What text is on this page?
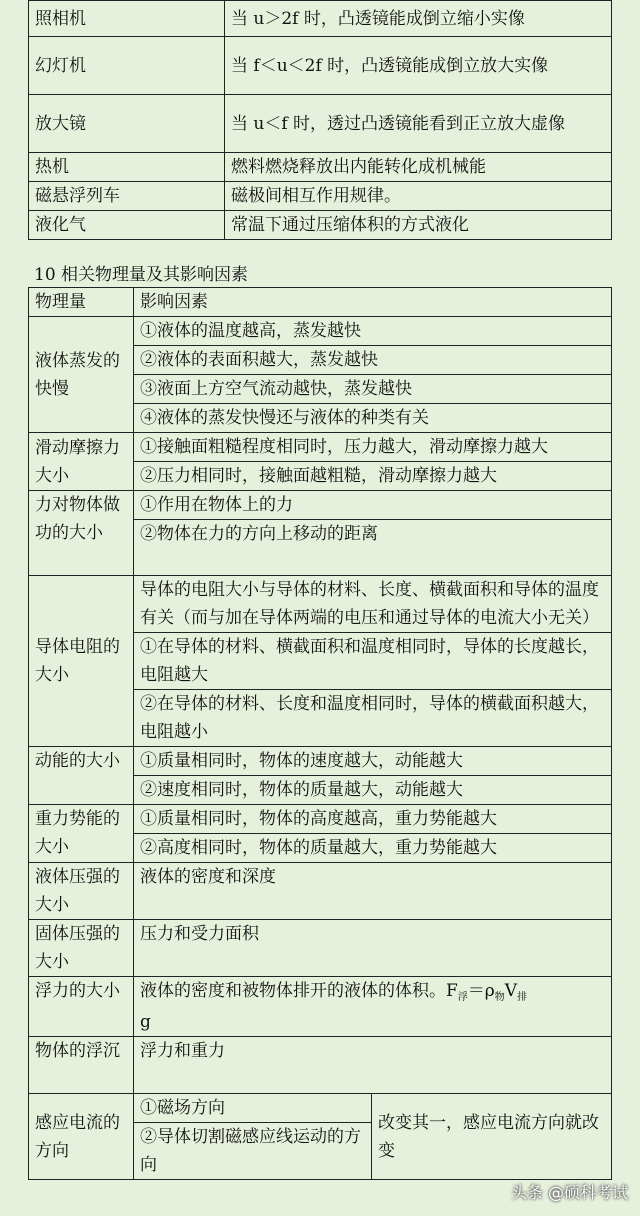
照相机	当 u＞2f 时，凸透镜能成倒立缩小实像
幻灯机	当 f＜u＜2f 时，凸透镜能成倒立放大实像
放大镜	当 u＜f 时，透过凸透镜能看到正立放大虚像
热机	燃料燃烧释放出内能转化成机械能
磁悬浮列车	磁极间相互作用规律。
液化气	常温下通过压缩体积的方式液化
10 相关物理量及其影响因素
物理量	影响因素	
液体蒸发的快慢	①液体的温度越高，蒸发越快	
	②液体的表面积越大，蒸发越快	
	③液面上方空气流动越快，蒸发越快	
	④液体的蒸发快慢还与液体的种类有关	
滑动摩擦力大小	①接触面粗糙程度相同时，压力越大，滑动摩擦力越大	
	②压力相同时，接触面越粗糙，滑动摩擦力越大	
力对物体做功的大小	①作用在物体上的力	
	②物体在力的方向上移动的距离	
导体电阻的大小	导体的电阻大小与导体的材料、长度、横截面积和导体的温度有关（而与加在导体两端的电压和通过导体的电流大小无关）	
	①在导体的材料、横截面积和温度相同时，导体的长度越长，电阻越大	
	②在导体的材料、长度和温度相同时，导体的横截面积越大，电阻越小	
动能的大小	①质量相同时，物体的速度越大，动能越大	
	②速度相同时，物体的质量越大，动能越大	
重力势能的大小	①质量相同时，物体的高度越高，重力势能越大	
	②高度相同时，物体的质量越大，重力势能越大	
液体压强的大小	液体的密度和深度	
固体压强的大小	压力和受力面积	
浮力的大小	液体的密度和被物体排开的液体的体积。$F_浮=\rho_物V_排$
g	
物体的浮沉	浮力和重力	
感应电流的方向	①磁场方向	改变其一，感应电流方向就改变
	②导体切割磁感应线运动的方向	
头条 @硕科考试
